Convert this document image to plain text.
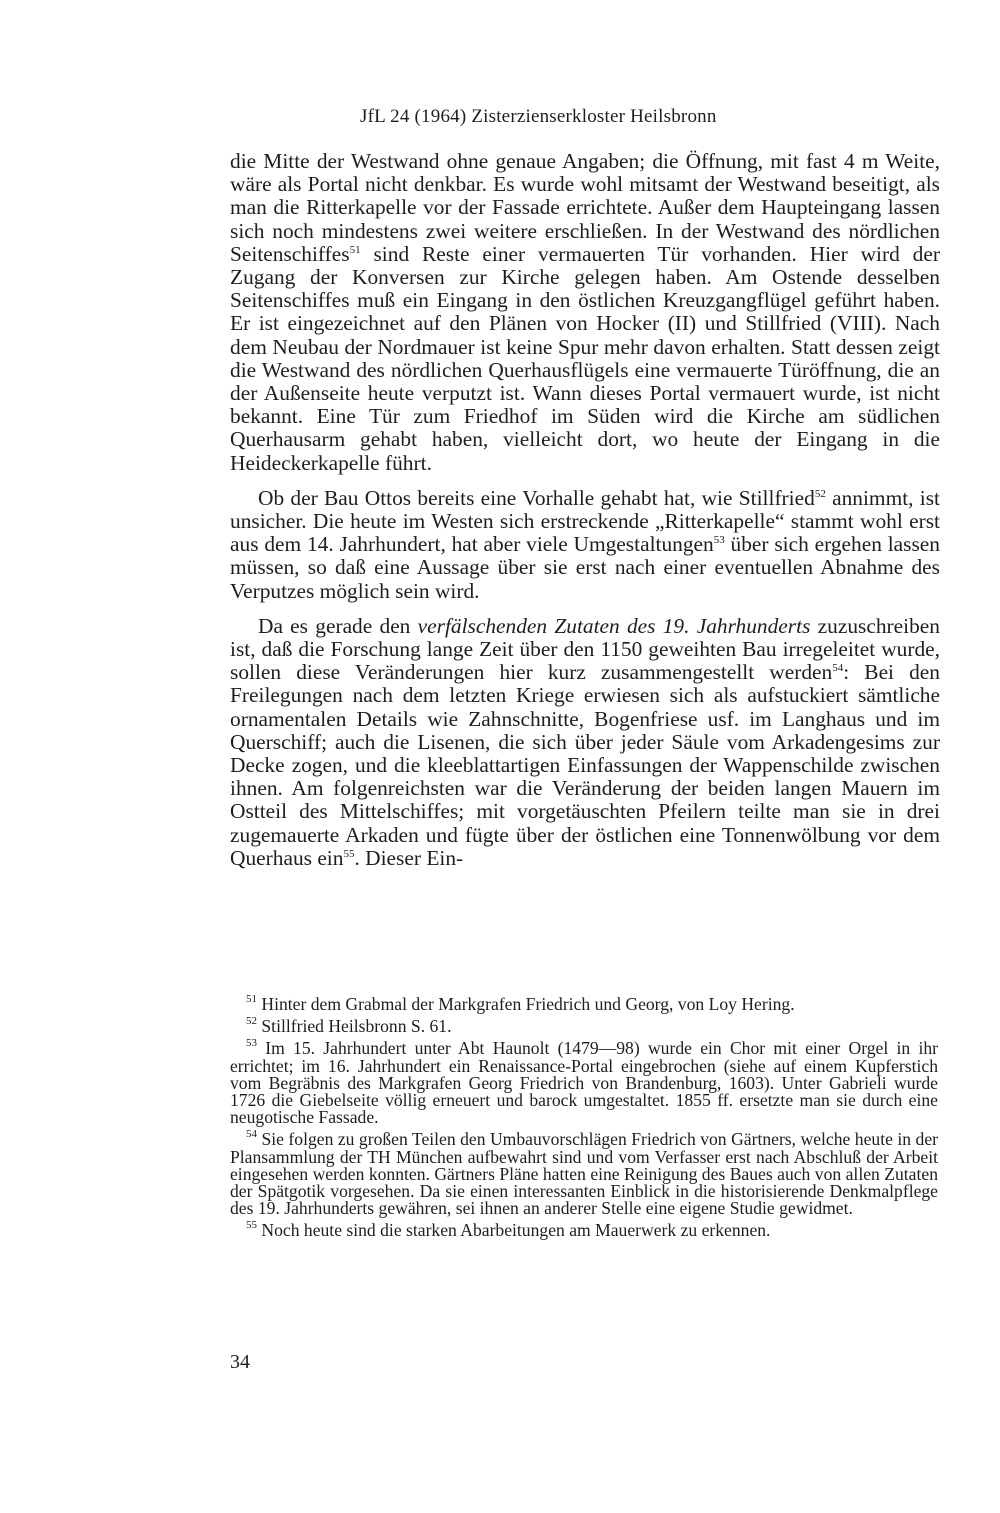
JfL 24 (1964) Zisterzienserkloster Heilsbronn

die Mitte der Westwand ohne genaue Angaben; die Öffnung, mit fast 4 m Weite, wäre als Portal nicht denkbar. Es wurde wohl mitsamt der Westwand beseitigt, als man die Ritterkapelle vor der Fassade errichtete. Außer dem Haupteingang lassen sich noch mindestens zwei weitere erschließen. In der Westwand des nördlichen Seitenschiffes$^{51}$ sind Reste einer vermauerten Tür vorhanden. Hier wird der Zugang der Konversen zur Kirche gelegen haben. Am Ostende desselben Seitenschiffes muß ein Eingang in den östlichen Kreuzgangflügel geführt haben. Er ist eingezeichnet auf den Plänen von Hocker (II) und Stillfried (VIII). Nach dem Neubau der Nordmauer ist keine Spur mehr davon erhalten. Statt dessen zeigt die Westwand des nördlichen Querhausflügels eine vermauerte Türöffnung, die an der Außenseite heute verputzt ist. Wann dieses Portal vermauert wurde, ist nicht bekannt. Eine Tür zum Friedhof im Süden wird die Kirche am südlichen Querhausarm gehabt haben, vielleicht dort, wo heute der Eingang in die Heideckerkapelle führt.

Ob der Bau Ottos bereits eine Vorhalle gehabt hat, wie Stillfried$^{52}$ annimmt, ist unsicher. Die heute im Westen sich erstreckende „Ritterkapelle“ stammt wohl erst aus dem 14. Jahrhundert, hat aber viele Umgestaltungen$^{53}$ über sich ergehen lassen müssen, so daß eine Aussage über sie erst nach einer eventuellen Abnahme des Verputzes möglich sein wird.

Da es gerade den verfälschenden Zutaten des 19. Jahrhunderts zuzuschreiben ist, daß die Forschung lange Zeit über den 1150 geweihten Bau irregeleitet wurde, sollen diese Veränderungen hier kurz zusammengestellt werden$^{54}$: Bei den Freilegungen nach dem letzten Kriege erwiesen sich als aufstuckiert sämtliche ornamentalen Details wie Zahnschnitte, Bogenfriese usf. im Langhaus und im Querschiff; auch die Lisenen, die sich über jeder Säule vom Arkadengesims zur Decke zogen, und die kleeblattartigen Einfassungen der Wappenschilde zwischen ihnen. Am folgenreichsten war die Veränderung der beiden langen Mauern im Ostteil des Mittelschiffes; mit vorgetäuschten Pfeilern teilte man sie in drei zugemauerte Arkaden und fügte über der östlichen eine Tonnenwölbung vor dem Querhaus ein$^{55}$. Dieser Ein-

$^{51}$ Hinter dem Grabmal der Markgrafen Friedrich und Georg, von Loy Hering.
$^{52}$ Stillfried Heilsbronn S. 61.
$^{53}$ Im 15. Jahrhundert unter Abt Haunolt (1479—98) wurde ein Chor mit einer Orgel in ihr errichtet; im 16. Jahrhundert ein Renaissance-Portal eingebrochen (siehe auf einem Kupferstich vom Begräbnis des Markgrafen Georg Friedrich von Brandenburg, 1603). Unter Gabrieli wurde 1726 die Giebelseite völlig erneuert und barock umgestaltet. 1855 ff. ersetzte man sie durch eine neugotische Fassade.
$^{54}$ Sie folgen zu großen Teilen den Umbauvorschlägen Friedrich von Gärtners, welche heute in der Plansammlung der TH München aufbewahrt sind und vom Verfasser erst nach Abschluß der Arbeit eingesehen werden konnten. Gärtners Pläne hatten eine Reinigung des Baues auch von allen Zutaten der Spätgotik vorgesehen. Da sie einen interessanten Einblick in die historisierende Denkmalpflege des 19. Jahrhunderts gewähren, sei ihnen an anderer Stelle eine eigene Studie gewidmet.
$^{55}$ Noch heute sind die starken Abarbeitungen am Mauerwerk zu erkennen.
34
